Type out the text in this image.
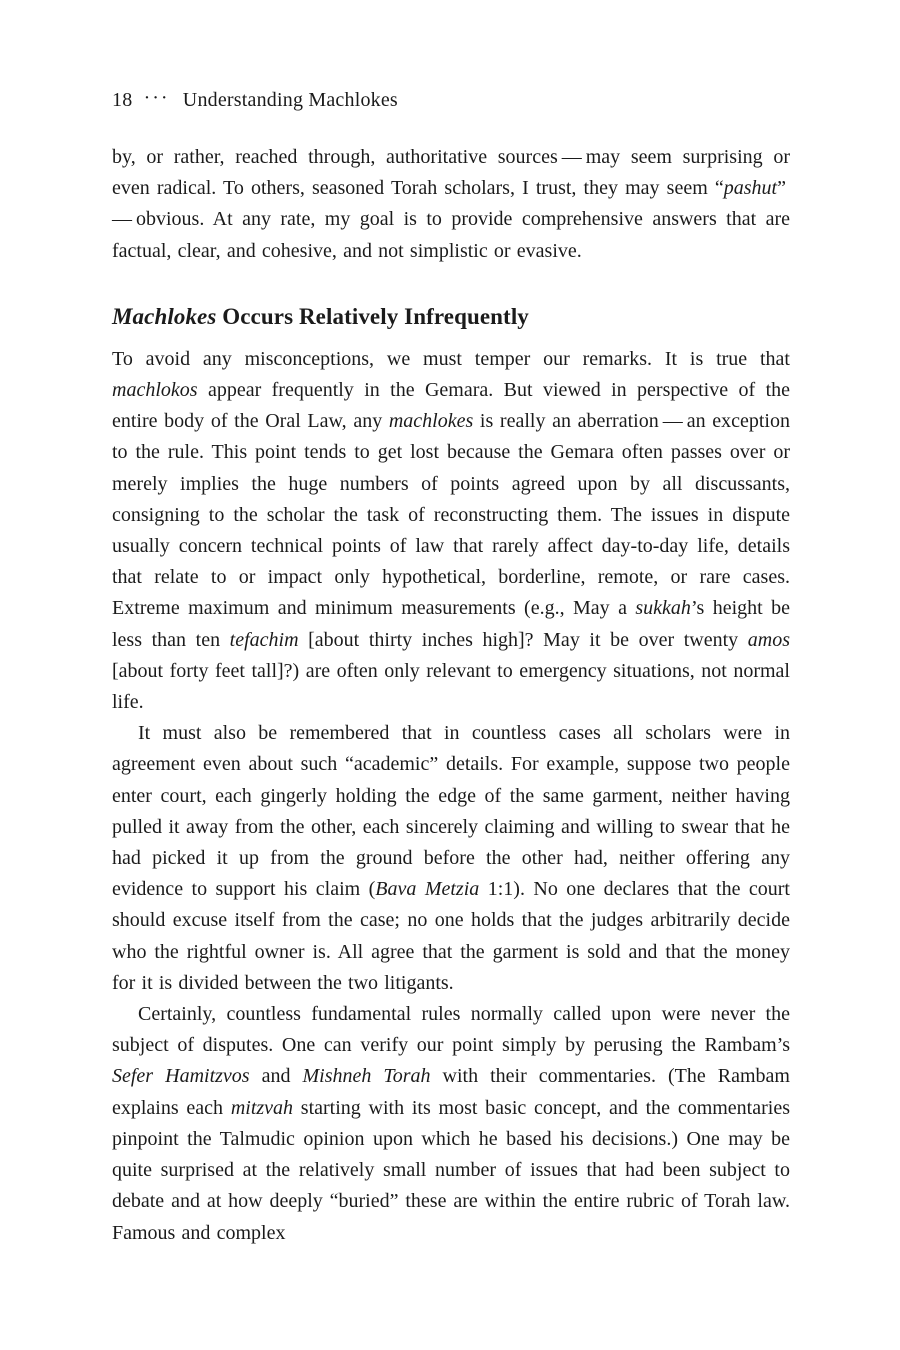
18 ··· Understanding Machlokes

by, or rather, reached through, authoritative sources — may seem surprising or even radical. To others, seasoned Torah scholars, I trust, they may seem “pashut” — obvious. At any rate, my goal is to provide comprehensive answers that are factual, clear, and cohesive, and not simplistic or evasive.

Machlokes Occurs Relatively Infrequently

To avoid any misconceptions, we must temper our remarks. It is true that machlokos appear frequently in the Gemara. But viewed in perspective of the entire body of the Oral Law, any machlokes is really an aberration — an exception to the rule. This point tends to get lost because the Gemara often passes over or merely implies the huge numbers of points agreed upon by all discussants, consigning to the scholar the task of reconstructing them. The issues in dispute usually concern technical points of law that rarely affect day-to-day life, details that relate to or impact only hypothetical, borderline, remote, or rare cases. Extreme maximum and minimum measurements (e.g., May a sukkah’s height be less than ten tefachim [about thirty inches high]? May it be over twenty amos [about forty feet tall]?) are often only relevant to emergency situations, not normal life.

It must also be remembered that in countless cases all scholars were in agreement even about such “academic” details. For example, suppose two people enter court, each gingerly holding the edge of the same garment, neither having pulled it away from the other, each sincerely claiming and willing to swear that he had picked it up from the ground before the other had, neither offering any evidence to support his claim (Bava Metzia 1:1). No one declares that the court should excuse itself from the case; no one holds that the judges arbitrarily decide who the rightful owner is. All agree that the garment is sold and that the money for it is divided between the two litigants.

Certainly, countless fundamental rules normally called upon were never the subject of disputes. One can verify our point simply by perusing the Rambam’s Sefer Hamitzvos and Mishneh Torah with their commentaries. (The Rambam explains each mitzvah starting with its most basic concept, and the commentaries pinpoint the Talmudic opinion upon which he based his decisions.) One may be quite surprised at the relatively small number of issues that had been subject to debate and at how deeply “buried” these are within the entire rubric of Torah law. Famous and complex
